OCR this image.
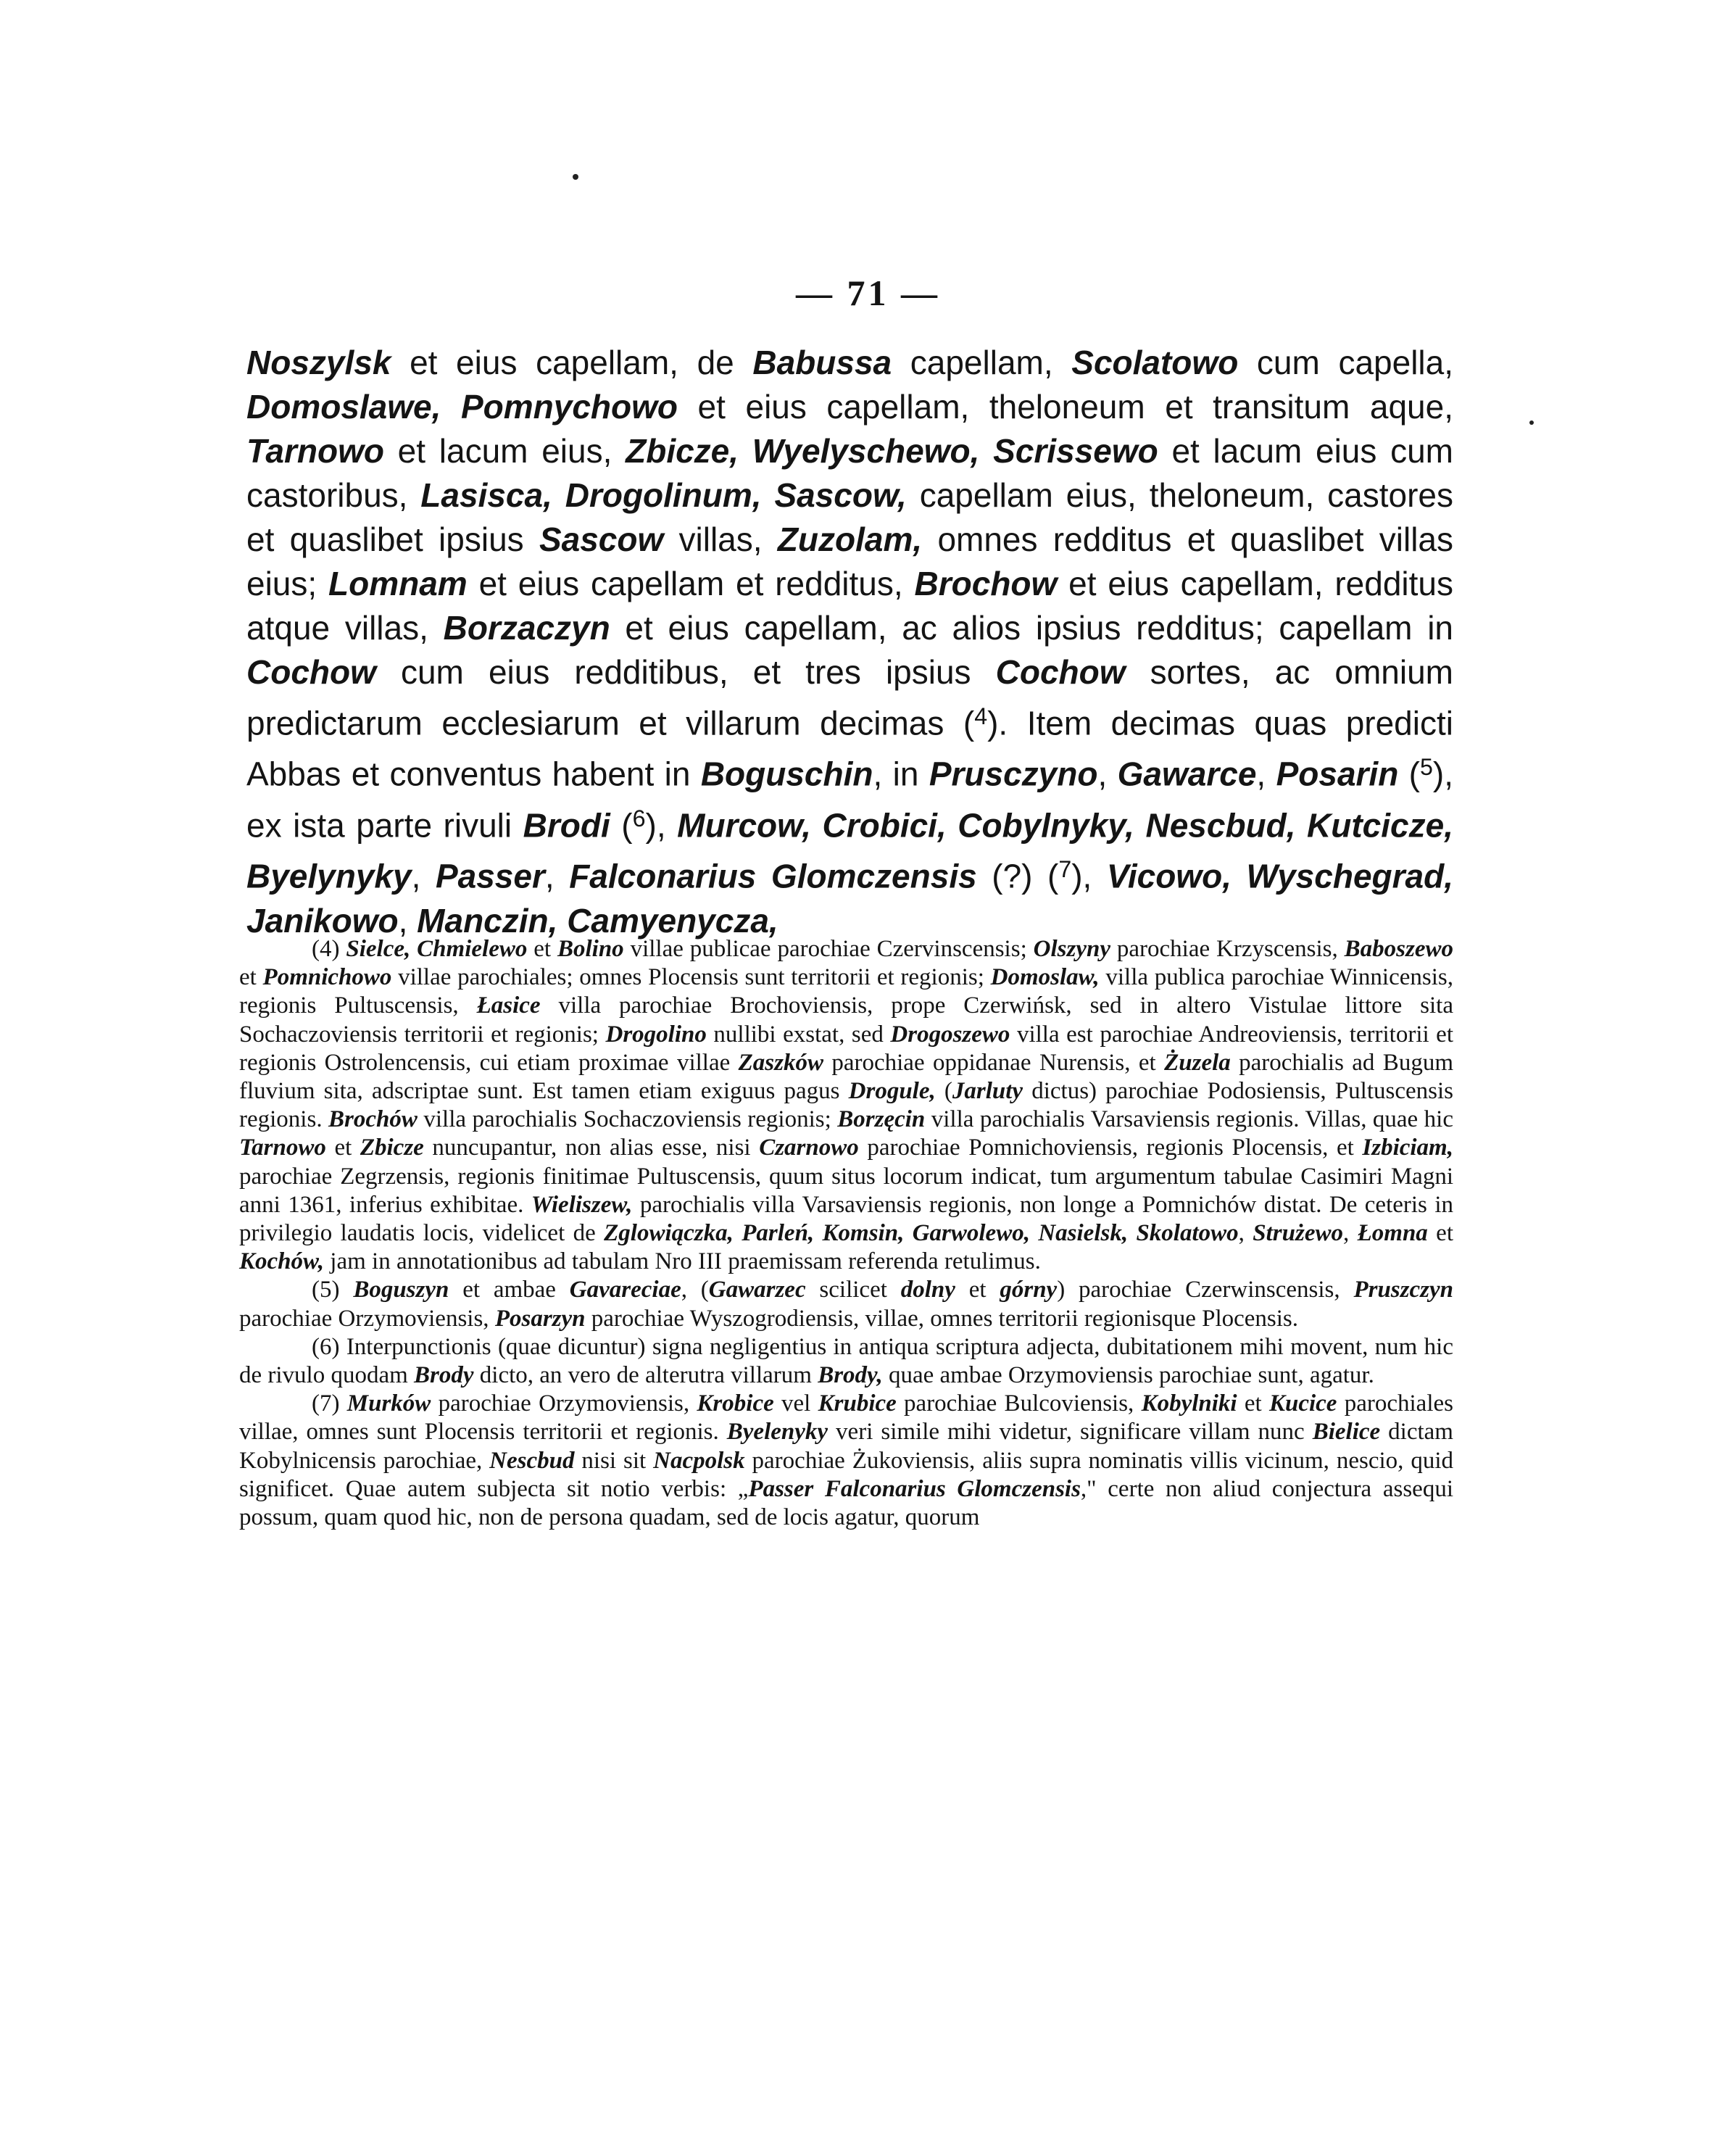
— 71 —

Noszylsk et eius capellam, de Babussa capellam, Scolatowo cum capella, Domoslawe, Pomnychowo et eius capellam, theloneum et transitum aque, Tarnowo et lacum eius, Zbicze, Wyelyschewo, Scrissewo et lacum eius cum castoribus, Lasisca, Drogolinum, Sascow, capellam eius, theloneum, castores et quaslibet ipsius Sascow villas, Zuzolam, omnes redditus et quaslibet villas eius; Lomnam et eius capellam et redditus, Brochow et eius capellam, redditus atque villas, Borzaczyn et eius capellam, ac alios ipsius redditus; capellam in Cochow cum eius redditibus, et tres ipsius Cochow sortes, ac omnium predictarum ecclesiarum et villarum decimas ($^4$). Item decimas quas predicti Abbas et conventus habent in Boguschin, in Prusczyno, Gawarce, Posarin ($^5$), ex ista parte rivuli Brodi ($^6$), Murcow, Crobici, Cobylnyky, Nescbud, Kutcicze, Byelynyky, Passer, Falconarius Glomczensis (?) ($^7$), Vicowo, Wyschegrad, Janikowo, Manczin, Camyenycza,

(4) Sielce, Chmielewo et Bolino villae publicae parochiae Czervinscensis; Olszyny parochiae Krzyscensis, Baboszewo et Pomnichowo villae parochiales; omnes Plocensis sunt territorii et regionis; Domoslaw, villa publica parochiae Winnicensis, regionis Pultuscensis, Łasice villa parochiae Brochoviensis, prope Czerwińsk, sed in altero Vistulae littore sita Sochaczoviensis territorii et regionis; Drogolino nullibi exstat, sed Drogoszewo villa est parochiae Andreoviensis, territorii et regionis Ostrolencensis, cui etiam proximae villae Zaszków parochiae oppidanae Nurensis, et Żuzela parochialis ad Bugum fluvium sita, adscriptae sunt. Est tamen etiam exiguus pagus Drogule, (Jarluty dictus) parochiae Podosiensis, Pultuscensis regionis. Brochów villa parochialis Sochaczoviensis regionis; Borzęcin villa parochialis Varsaviensis regionis. Villas, quae hic Tarnowo et Zbicze nuncupantur, non alias esse, nisi Czarnowo parochiae Pomnichoviensis, regionis Plocensis, et Izbiciam, parochiae Zegrzensis, regionis finitimae Pultuscensis, quum situs locorum indicat, tum argumentum tabulae Casimiri Magni anni 1361, inferius exhibitae. Wieliszew, parochialis villa Varsaviensis regionis, non longe a Pomnichów distat. De ceteris in privilegio laudatis locis, videlicet de Zglowiączka, Parleń, Komsin, Garwolewo, Nasielsk, Skolatowo, Strużewo, Łomna et Kochów, jam in annotationibus ad tabulam Nro III praemissam referenda retulimus.

(5) Boguszyn et ambae Gavareciae, (Gawarzec scilicet dolny et górny) parochiae Czerwinscensis, Pruszczyn parochiae Orzymoviensis, Posarzyn parochiae Wyszogrodiensis, villae, omnes territorii regionisque Plocensis.

(6) Interpunctionis (quae dicuntur) signa negligentius in antiqua scriptura adjecta, dubitationem mihi movent, num hic de rivulo quodam Brody dicto, an vero de alterutra villarum Brody, quae ambae Orzymoviensis parochiae sunt, agatur.

(7) Murków parochiae Orzymoviensis, Krobice vel Krubice parochiae Bulcoviensis, Kobylniki et Kucice parochiales villae, omnes sunt Plocensis territorii et regionis. Byelenyky veri simile mihi videtur, significare villam nunc Bielice dictam Kobylnicensis parochiae, Nescbud nisi sit Nacpolsk parochiae Żukoviensis, aliis supra nominatis villis vicinum, nescio, quid significet. Quae autem subjecta sit notio verbis: „Passer Falconarius Glomczensis," certe non aliud conjectura assequi possum, quam quod hic, non de persona quadam, sed de locis agatur, quorum
